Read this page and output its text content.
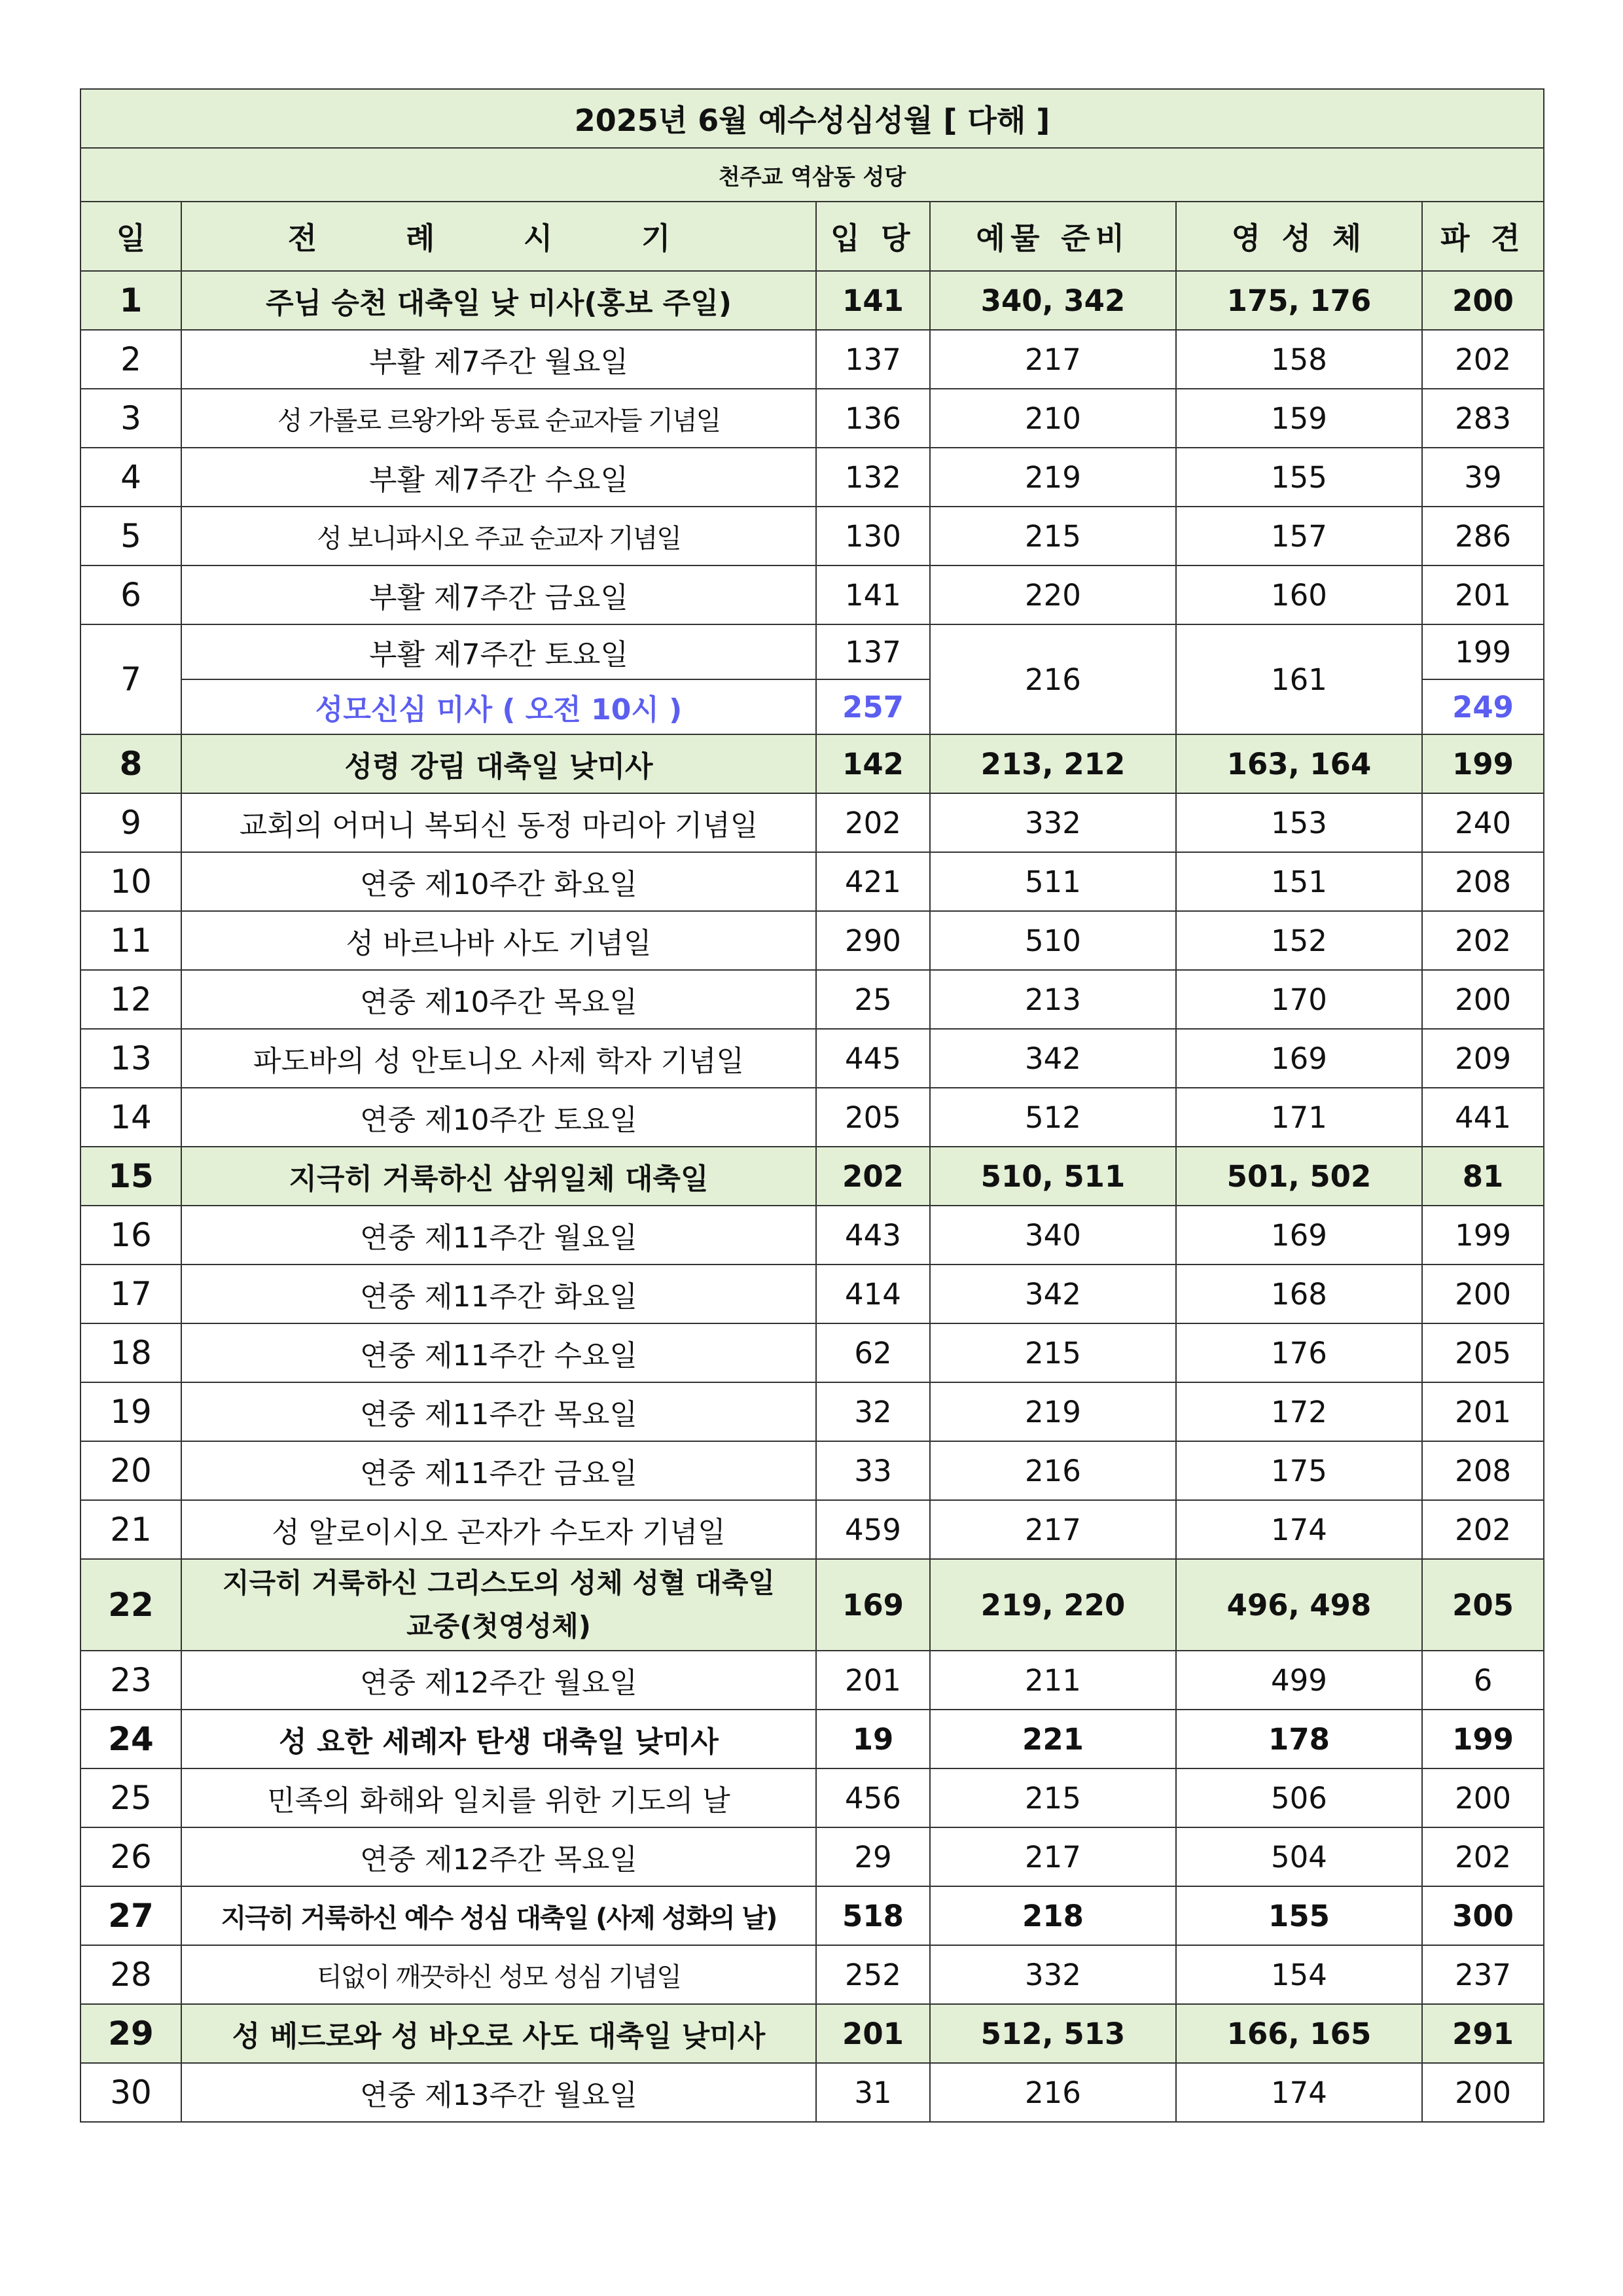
2025년 6월 예수성심성월 [ 다해 ]					
천주교 역삼동 성당					
일	전 례 시 기	입 당	예물 준비	영 성 체	파 견
1	주님 승천 대축일 낮 미사(홍보 주일)	141	340, 342	175, 176	200
2	부활 제7주간 월요일	137	217	158	202
3	성 가롤로 르왕가와 동료 순교자들 기념일	136	210	159	283
4	부활 제7주간 수요일	132	219	155	39
5	성 보니파시오 주교 순교자 기념일	130	215	157	286
6	부활 제7주간 금요일	141	220	160	201
7	부활 제7주간 토요일	137	216	161	199
	성모신심 미사 ( 오전 10시 )	257			249
8	성령 강림 대축일 낮미사	142	213, 212	163, 164	199
9	교회의 어머니 복되신 동정 마리아 기념일	202	332	153	240
10	연중 제10주간 화요일	421	511	151	208
11	성 바르나바 사도 기념일	290	510	152	202
12	연중 제10주간 목요일	25	213	170	200
13	파도바의 성 안토니오 사제 학자 기념일	445	342	169	209
14	연중 제10주간 토요일	205	512	171	441
15	지극히 거룩하신 삼위일체 대축일	202	510, 511	501, 502	81
16	연중 제11주간 월요일	443	340	169	199
17	연중 제11주간 화요일	414	342	168	200
18	연중 제11주간 수요일	62	215	176	205
19	연중 제11주간 목요일	32	219	172	201
20	연중 제11주간 금요일	33	216	175	208
21	성 알로이시오 곤자가 수도자 기념일	459	217	174	202
22	지극히 거룩하신 그리스도의 성체 성혈 대축일
교중(첫영성체)	169	219, 220	496, 498	205
23	연중 제12주간 월요일	201	211	499	6
24	성 요한 세례자 탄생 대축일 낮미사	19	221	178	199
25	민족의 화해와 일치를 위한 기도의 날	456	215	506	200
26	연중 제12주간 목요일	29	217	504	202
27	지극히 거룩하신 예수 성심 대축일 (사제 성화의 날)	518	218	155	300
28	티없이 깨끗하신 성모 성심 기념일	252	332	154	237
29	성 베드로와 성 바오로 사도 대축일 낮미사	201	512, 513	166, 165	291
30	연중 제13주간 월요일	31	216	174	200
